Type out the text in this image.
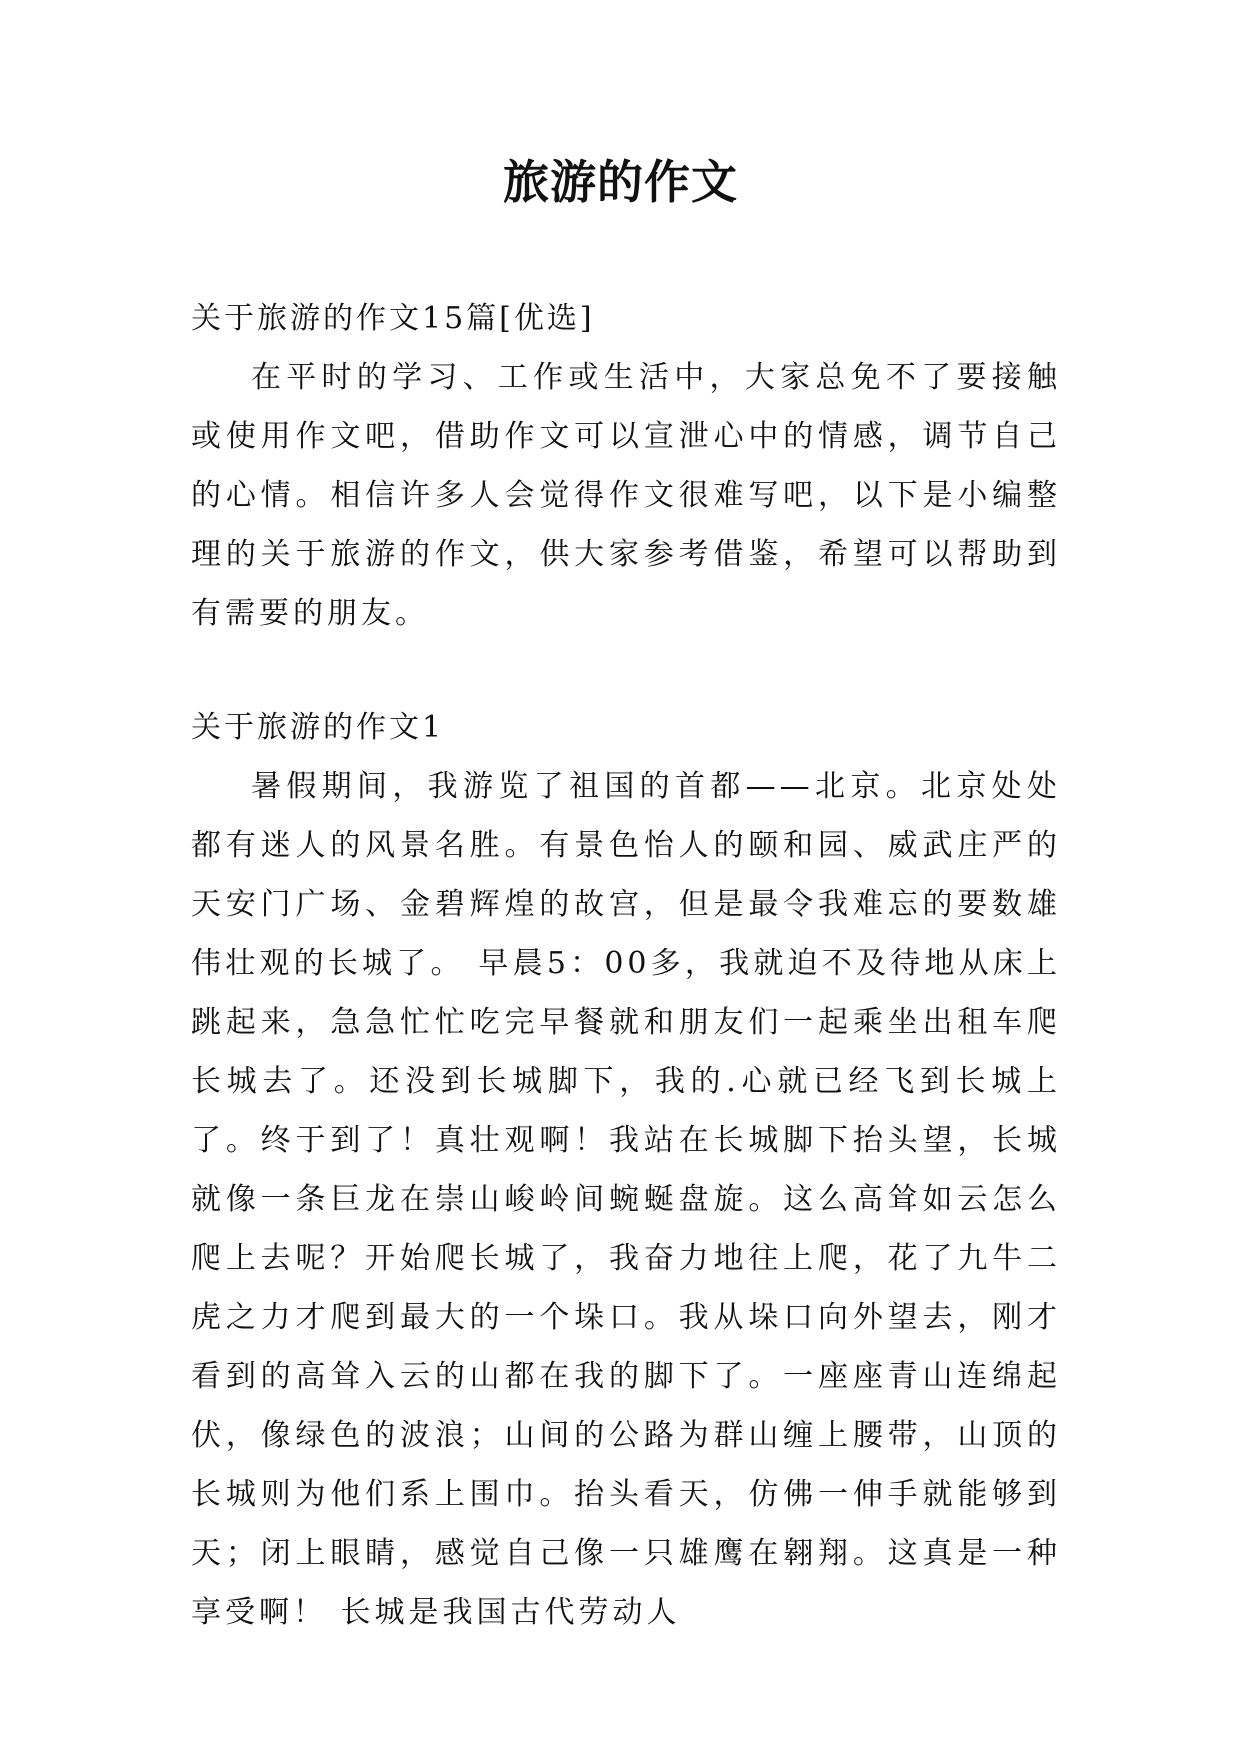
旅游的作文

关于旅游的作文15篇[优选]

在平时的学习、工作或生活中，大家总免不了要接触或使用作文吧，借助作文可以宣泄心中的情感，调节自己的心情。相信许多人会觉得作文很难写吧，以下是小编整理的关于旅游的作文，供大家参考借鉴，希望可以帮助到有需要的朋友。

关于旅游的作文1

暑假期间，我游览了祖国的首都——北京。北京处处都有迷人的风景名胜。有景色怡人的颐和园、威武庄严的天安门广场、金碧辉煌的故宫，但是最令我难忘的要数雄伟壮观的长城了。 早晨5：00多，我就迫不及待地从床上跳起来，急急忙忙吃完早餐就和朋友们一起乘坐出租车爬长城去了。还没到长城脚下，我的.心就已经飞到长城上了。终于到了！真壮观啊！我站在长城脚下抬头望，长城就像一条巨龙在崇山峻岭间蜿蜒盘旋。这么高耸如云怎么爬上去呢？开始爬长城了，我奋力地往上爬，花了九牛二虎之力才爬到最大的一个垛口。我从垛口向外望去，刚才看到的高耸入云的山都在我的脚下了。一座座青山连绵起伏，像绿色的波浪；山间的公路为群山缠上腰带，山顶的长城则为他们系上围巾。抬头看天，仿佛一伸手就能够到天；闭上眼睛，感觉自己像一只雄鹰在翱翔。这真是一种享受啊！ 长城是我国古代劳动人
